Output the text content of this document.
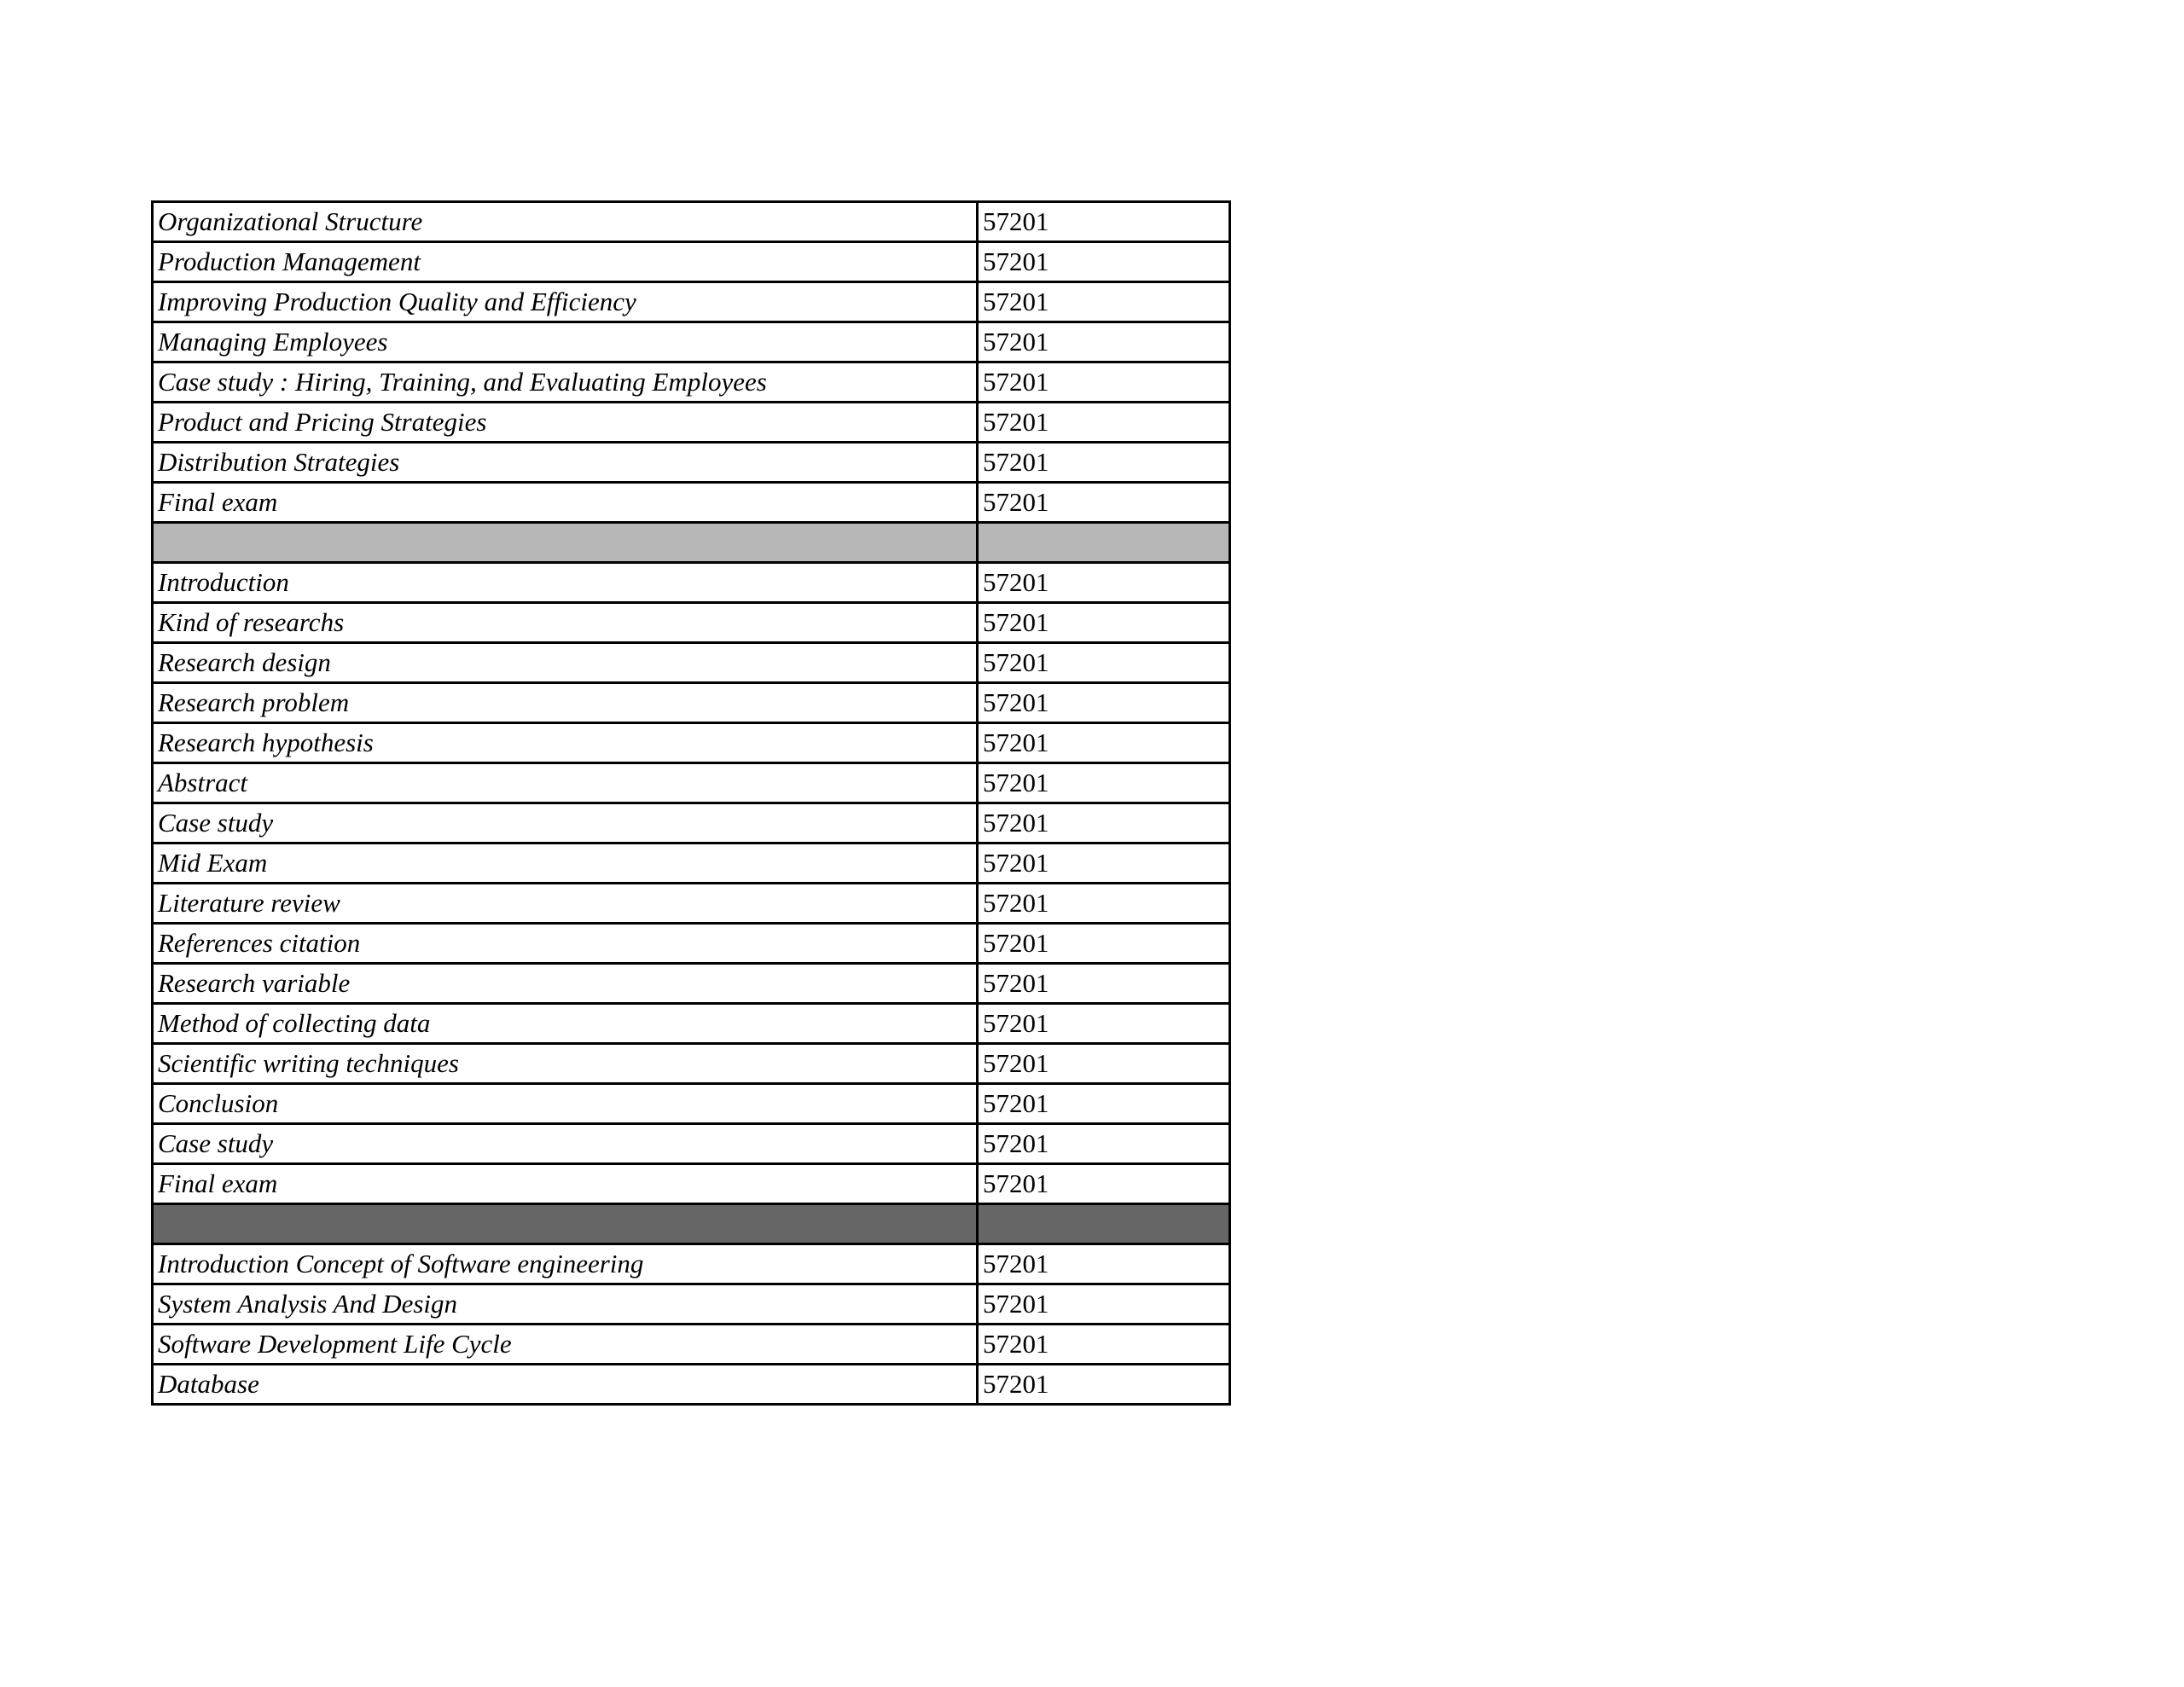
Organizational Structure	57201
Production Management	57201
Improving Production Quality and Efficiency	57201
Managing Employees	57201
Case study : Hiring, Training, and Evaluating Employees	57201
Product and Pricing Strategies	57201
Distribution Strategies	57201
Final exam	57201

Introduction	57201
Kind of researchs	57201
Research design	57201
Research problem	57201
Research hypothesis	57201
Abstract	57201
Case study	57201
Mid Exam	57201
Literature review	57201
References citation	57201
Research variable	57201
Method of collecting data	57201
Scientific writing techniques	57201
Conclusion	57201
Case study	57201
Final exam	57201

Introduction Concept of Software engineering	57201
System Analysis And Design	57201
Software Development Life Cycle	57201
Database	57201
